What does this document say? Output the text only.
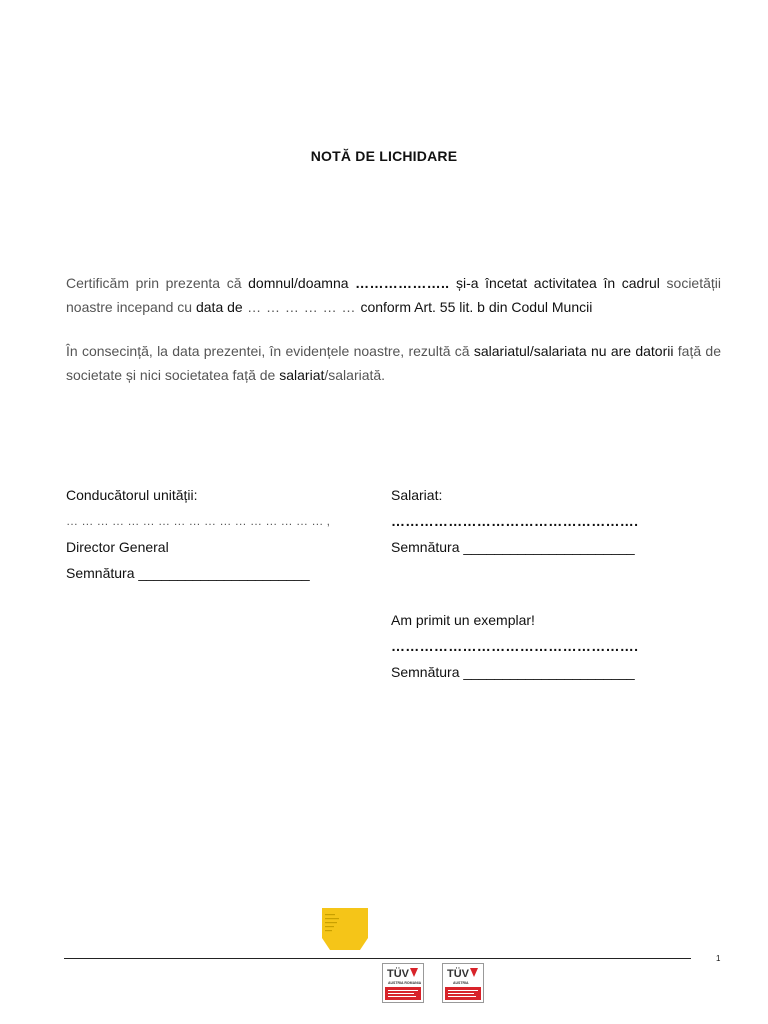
NOTĂ DE LICHIDARE
Certificăm prin prezenta că domnul/doamna ……………….. și-a încetat activitatea în cadrul societății noastre incepand cu data de … … … … … … conform Art. 55 lit. b din Codul Muncii
În consecință, la data prezentei, în evidențele noastre, rezultă că salariatul/salariata nu are datorii față de societate și nici societatea față de salariat/salariată.
Conducătorul unității:
… … … … … … … … … … … … … … … … … ,
Director General
Semnătura ______________________
Salariat:
…………………………………………….
Semnătura ______________________
Am primit un exemplar!
…………………………………………….
Semnătura ______________________
1
TÜV
AUSTRIA ROMANIA
TÜV
AUSTRIA
